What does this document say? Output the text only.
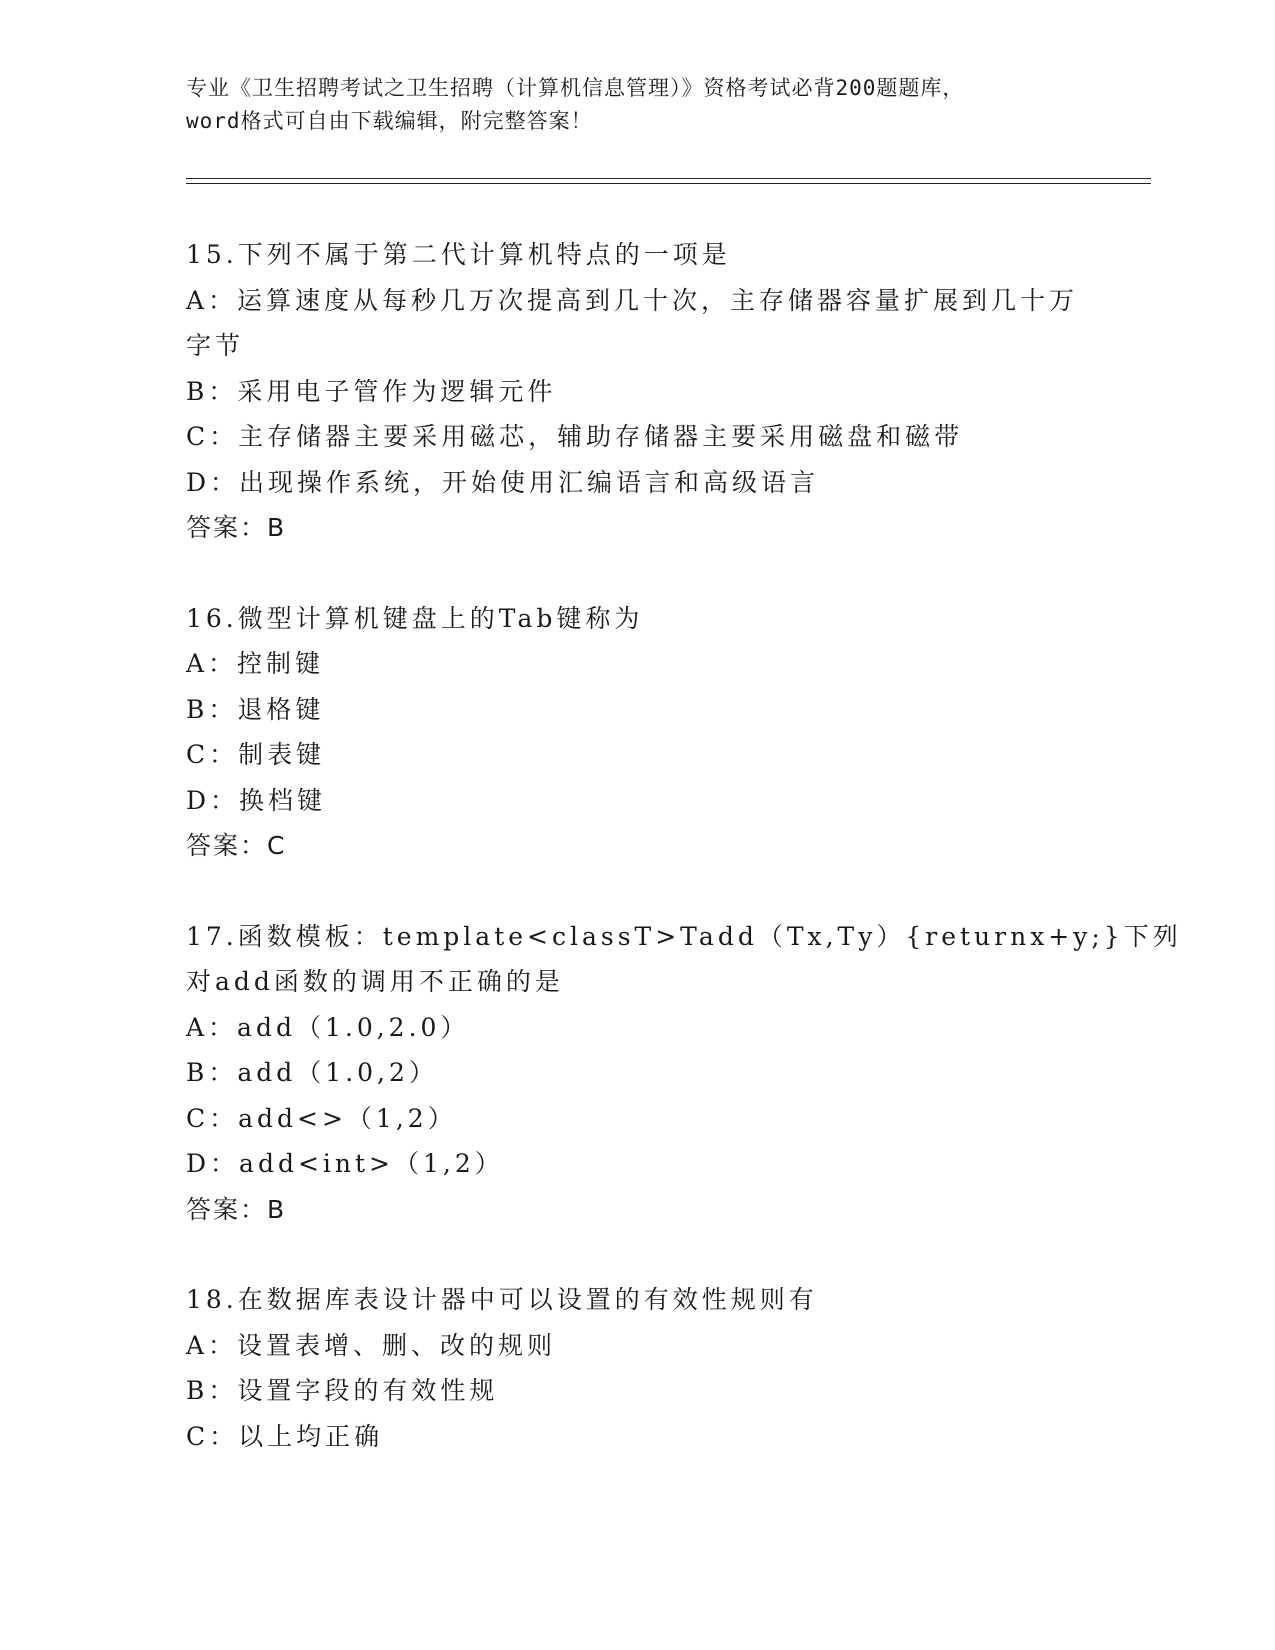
专业《卫生招聘考试之卫生招聘（计算机信息管理）》资格考试必背200题题库，
word格式可自由下载编辑，附完整答案！
15.下列不属于第二代计算机特点的一项是
A：运算速度从每秒几万次提高到几十次，主存储器容量扩展到几十万
字节
B：采用电子管作为逻辑元件
C：主存储器主要采用磁芯，辅助存储器主要采用磁盘和磁带
D：出现操作系统，开始使用汇编语言和高级语言
答案：B
16.微型计算机键盘上的Tab键称为
A：控制键
B：退格键
C：制表键
D：换档键
答案：C
17.函数模板：template<classT>Tadd（Tx,Ty）{returnx+y;}下列
对add函数的调用不正确的是
A：add（1.0,2.0）
B：add（1.0,2）
C：add<>（1,2）
D：add<int>（1,2）
答案：B
18.在数据库表设计器中可以设置的有效性规则有
A：设置表增、删、改的规则
B：设置字段的有效性规
C：以上均正确
